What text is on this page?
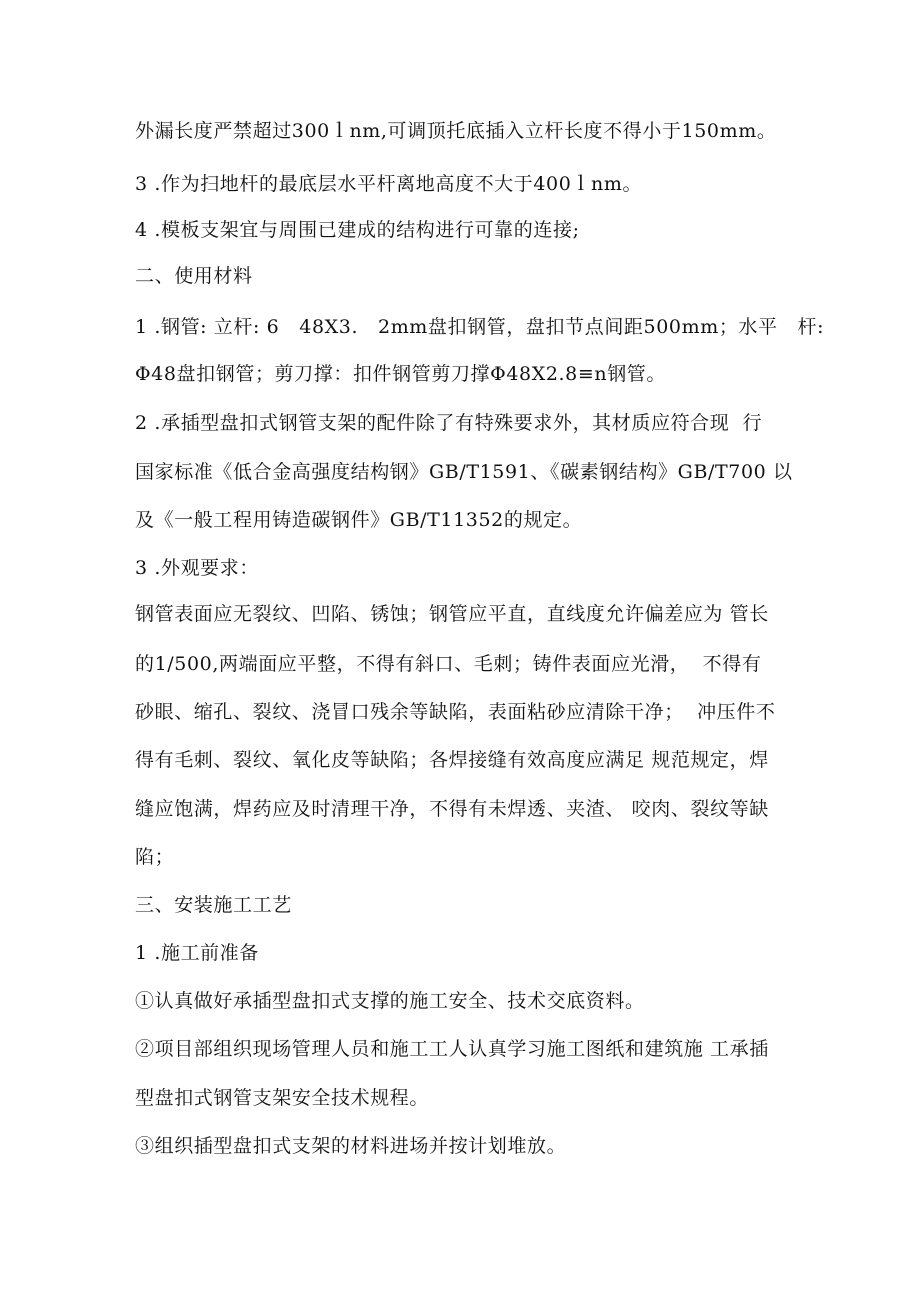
外漏长度严禁超过300ｌnm,可调顶托底插入立杆长度不得小于150mm。
3 .作为扫地杆的最底层水平杆离地高度不大于400ｌnm。
4 .模板支架宜与周围已建成的结构进行可靠的连接;
二、使用材料
1 .钢管: 立杆: 6   48X3.   2mm盘扣钢管，盘扣节点间距500mm；水平   杆:
Φ48盘扣钢管；剪刀撑：扣件钢管剪刀撑Φ48X2.8≡n钢管。
2 .承插型盘扣式钢管支架的配件除了有特殊要求外，其材质应符合现  行
国家标准《低合金高强度结构钢》GB/T1591、《碳素钢结构》GB/T700 以
及《一般工程用铸造碳钢件》GB/T11352的规定。
3 .外观要求：
钢管表面应无裂纹、凹陷、锈蚀；钢管应平直，直线度允许偏差应为 管长
的1/500,两端面应平整，不得有斜口、毛刺；铸件表面应光滑，  不得有
砂眼、缩孔、裂纹、浇冒口残余等缺陷，表面粘砂应清除干净；  冲压件不
得有毛刺、裂纹、氧化皮等缺陷；各焊接缝有效高度应满足 规范规定，焊
缝应饱满，焊药应及时清理干净，不得有未焊透、夹渣、 咬肉、裂纹等缺
陷；
三、安装施工工艺
1 .施工前准备
①认真做好承插型盘扣式支撑的施工安全、技术交底资料。
②项目部组织现场管理人员和施工工人认真学习施工图纸和建筑施 工承插
型盘扣式钢管支架安全技术规程。
③组织插型盘扣式支架的材料进场并按计划堆放。
